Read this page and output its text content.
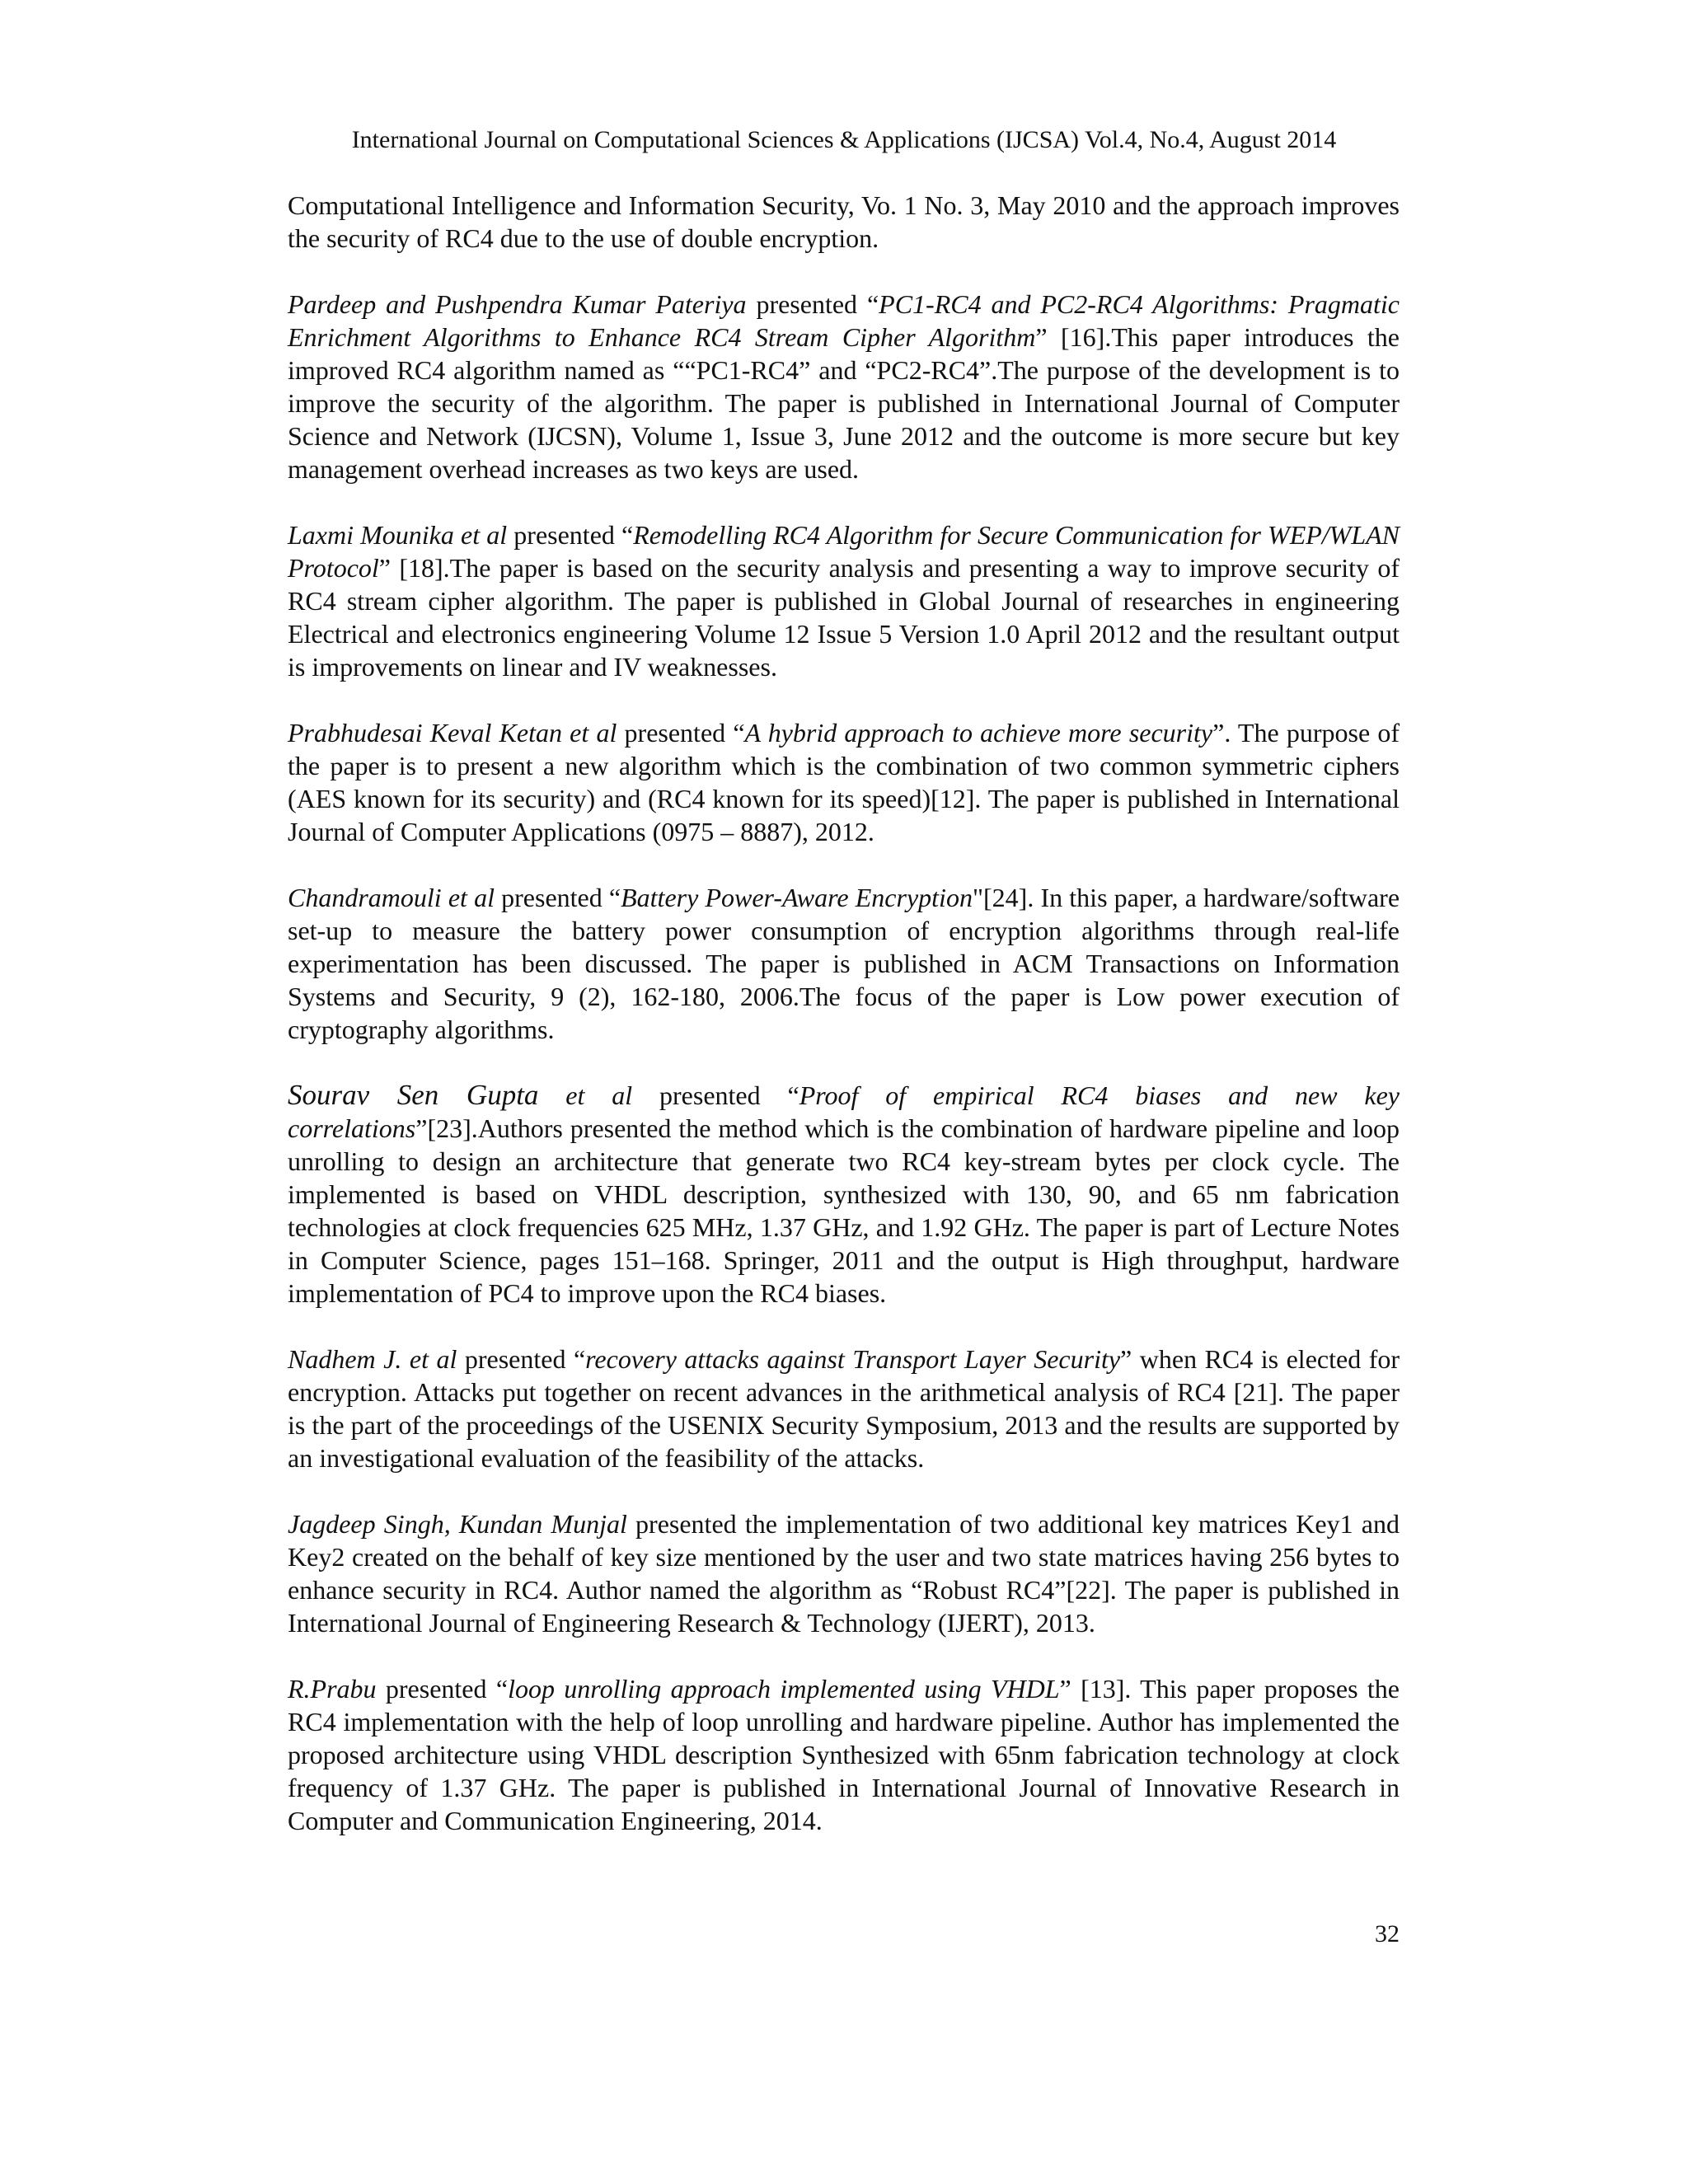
International Journal on Computational Sciences & Applications (IJCSA) Vol.4, No.4, August 2014

Computational Intelligence and Information Security, Vo. 1 No. 3, May 2010 and the approach improves the security of RC4 due to the use of double encryption.

Pardeep and Pushpendra Kumar Pateriya presented “PC1-RC4 and PC2-RC4 Algorithms: Pragmatic Enrichment Algorithms to Enhance RC4 Stream Cipher Algorithm” [16].This paper introduces the improved RC4 algorithm named as ““PC1-RC4” and “PC2-RC4”.The purpose of the development is to improve the security of the algorithm. The paper is published in International Journal of Computer Science and Network (IJCSN), Volume 1, Issue 3, June 2012 and the outcome is more secure but key management overhead increases as two keys are used.

Laxmi Mounika et al presented “Remodelling RC4 Algorithm for Secure Communication for WEP/WLAN Protocol” [18].The paper is based on the security analysis and presenting a way to improve security of RC4 stream cipher algorithm. The paper is published in Global Journal of researches in engineering Electrical and electronics engineering Volume 12 Issue 5 Version 1.0 April 2012 and the resultant output is improvements on linear and IV weaknesses.

Prabhudesai Keval Ketan et al presented “A hybrid approach to achieve more security”. The purpose of the paper is to present a new algorithm which is the combination of two common symmetric ciphers (AES known for its security) and (RC4 known for its speed)[12]. The paper is published in International Journal of Computer Applications (0975 – 8887), 2012.

Chandramouli et al presented “Battery Power-Aware Encryption"[24]. In this paper, a hardware/software set-up to measure the battery power consumption of encryption algorithms through real-life experimentation has been discussed. The paper is published in ACM Transactions on Information Systems and Security, 9 (2), 162-180, 2006.The focus of the paper is Low power execution of cryptography algorithms.

Sourav Sen Gupta et al presented “Proof of empirical RC4 biases and new key correlations”[23].Authors presented the method which is the combination of hardware pipeline and loop unrolling to design an architecture that generate two RC4 key-stream bytes per clock cycle. The implemented is based on VHDL description, synthesized with 130, 90, and 65 nm fabrication technologies at clock frequencies 625 MHz, 1.37 GHz, and 1.92 GHz. The paper is part of Lecture Notes in Computer Science, pages 151–168. Springer, 2011 and the output is High throughput, hardware implementation of PC4 to improve upon the RC4 biases.

Nadhem J. et al presented “recovery attacks against Transport Layer Security” when RC4 is elected for encryption. Attacks put together on recent advances in the arithmetical analysis of RC4 [21]. The paper is the part of the proceedings of the USENIX Security Symposium, 2013 and the results are supported by an investigational evaluation of the feasibility of the attacks.

Jagdeep Singh, Kundan Munjal presented the implementation of two additional key matrices Key1 and Key2 created on the behalf of key size mentioned by the user and two state matrices having 256 bytes to enhance security in RC4. Author named the algorithm as “Robust RC4”[22]. The paper is published in International Journal of Engineering Research & Technology (IJERT), 2013.

R.Prabu presented “loop unrolling approach implemented using VHDL” [13]. This paper proposes the RC4 implementation with the help of loop unrolling and hardware pipeline. Author has implemented the proposed architecture using VHDL description Synthesized with 65nm fabrication technology at clock frequency of 1.37 GHz. The paper is published in International Journal of Innovative Research in Computer and Communication Engineering, 2014.

32
